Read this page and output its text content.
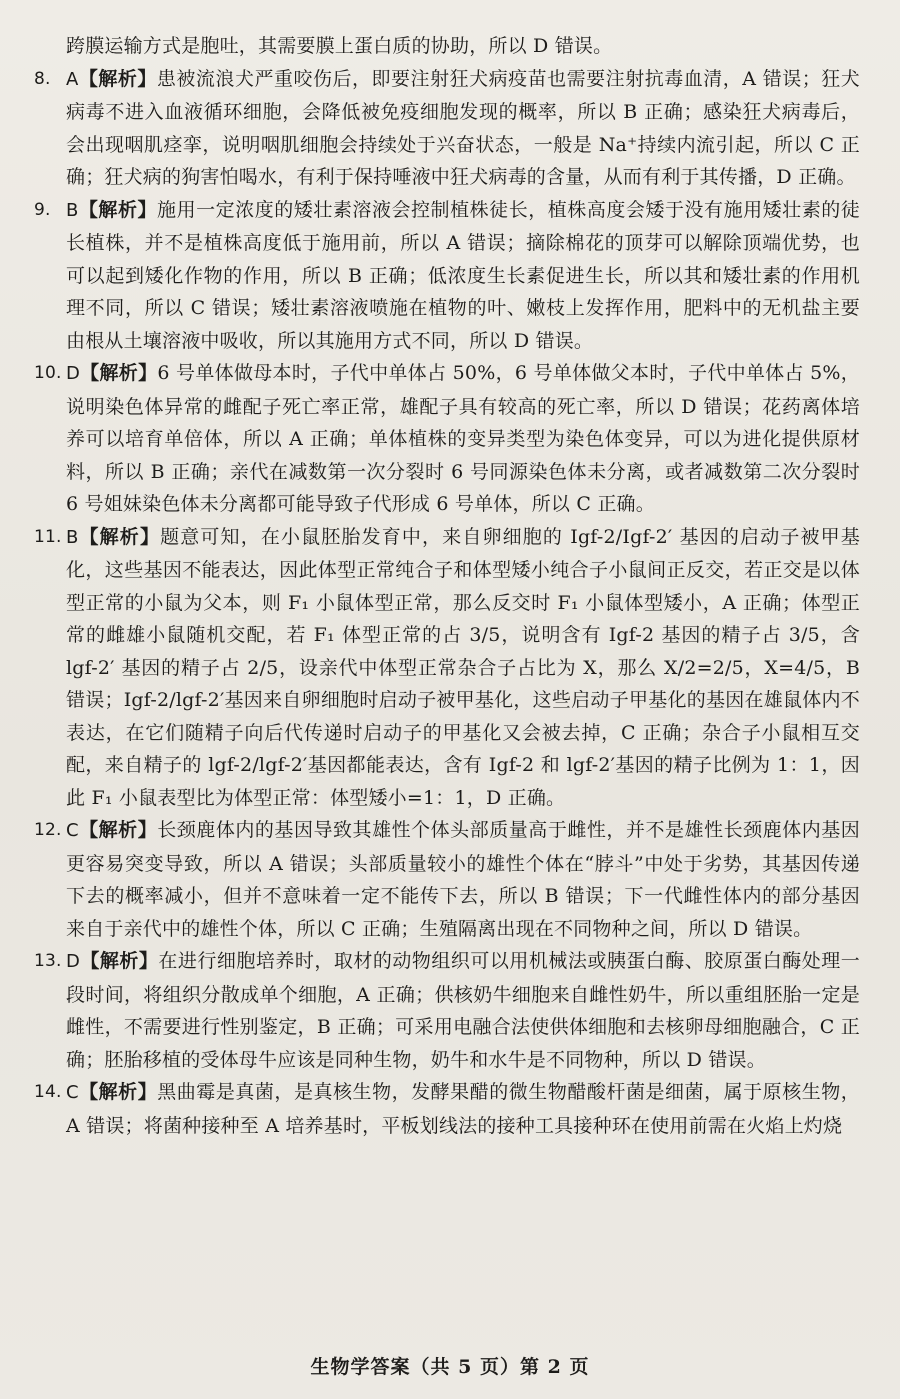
跨膜运输方式是胞吐，其需要膜上蛋白质的协助，所以 D 错误。

8. A【解析】患被流浪犬严重咬伤后，即要注射狂犬病疫苗也需要注射抗毒血清，A 错误；狂犬病毒不进入血液循环细胞，会降低被免疫细胞发现的概率，所以 B 正确；感染狂犬病毒后，会出现咽肌痉挛，说明咽肌细胞会持续处于兴奋状态，一般是 Na⁺持续内流引起，所以 C 正确；狂犬病的狗害怕喝水，有利于保持唾液中狂犬病毒的含量，从而有利于其传播，D 正确。

9. B【解析】施用一定浓度的矮壮素溶液会控制植株徒长，植株高度会矮于没有施用矮壮素的徒长植株，并不是植株高度低于施用前，所以 A 错误；摘除棉花的顶芽可以解除顶端优势，也可以起到矮化作物的作用，所以 B 正确；低浓度生长素促进生长，所以其和矮壮素的作用机理不同，所以 C 错误；矮壮素溶液喷施在植物的叶、嫩枝上发挥作用，肥料中的无机盐主要由根从土壤溶液中吸收，所以其施用方式不同，所以 D 错误。

10. D【解析】6 号单体做母本时，子代中单体占 50%，6 号单体做父本时，子代中单体占 5%，说明染色体异常的雌配子死亡率正常，雄配子具有较高的死亡率，所以 D 错误；花药离体培养可以培育单倍体，所以 A 正确；单体植株的变异类型为染色体变异，可以为进化提供原材料，所以 B 正确；亲代在减数第一次分裂时 6 号同源染色体未分离，或者减数第二次分裂时 6 号姐妹染色体未分离都可能导致子代形成 6 号单体，所以 C 正确。

11. B【解析】题意可知，在小鼠胚胎发育中，来自卵细胞的 Igf-2/Igf-2′ 基因的启动子被甲基化，这些基因不能表达，因此体型正常纯合子和体型矮小纯合子小鼠间正反交，若正交是以体型正常的小鼠为父本，则 F₁ 小鼠体型正常，那么反交时 F₁ 小鼠体型矮小，A 正确；体型正常的雌雄小鼠随机交配，若 F₁ 体型正常的占 3/5，说明含有 Igf-2 基因的精子占 3/5，含 lgf-2′ 基因的精子占 2/5，设亲代中体型正常杂合子占比为 X，那么 X/2=2/5，X=4/5，B 错误；Igf-2/lgf-2′基因来自卵细胞时启动子被甲基化，这些启动子甲基化的基因在雄鼠体内不表达，在它们随精子向后代传递时启动子的甲基化又会被去掉，C 正确；杂合子小鼠相互交配，来自精子的 lgf-2/lgf-2′基因都能表达，含有 Igf-2 和 lgf-2′基因的精子比例为 1：1，因此 F₁ 小鼠表型比为体型正常：体型矮小=1：1，D 正确。

12. C【解析】长颈鹿体内的基因导致其雄性个体头部质量高于雌性，并不是雄性长颈鹿体内基因更容易突变导致，所以 A 错误；头部质量较小的雄性个体在“脖斗”中处于劣势，其基因传递下去的概率减小，但并不意味着一定不能传下去，所以 B 错误；下一代雌性体内的部分基因来自于亲代中的雄性个体，所以 C 正确；生殖隔离出现在不同物种之间，所以 D 错误。

13. D【解析】在进行细胞培养时，取材的动物组织可以用机械法或胰蛋白酶、胶原蛋白酶处理一段时间，将组织分散成单个细胞，A 正确；供核奶牛细胞来自雌性奶牛，所以重组胚胎一定是雌性，不需要进行性别鉴定，B 正确；可采用电融合法使供体细胞和去核卵母细胞融合，C 正确；胚胎移植的受体母牛应该是同种生物，奶牛和水牛是不同物种，所以 D 错误。

14. C【解析】黑曲霉是真菌，是真核生物，发酵果醋的微生物醋酸杆菌是细菌，属于原核生物，A 错误；将菌种接种至 A 培养基时，平板划线法的接种工具接种环在使用前需在火焰上灼烧

生物学答案（共 5 页）第 2 页
